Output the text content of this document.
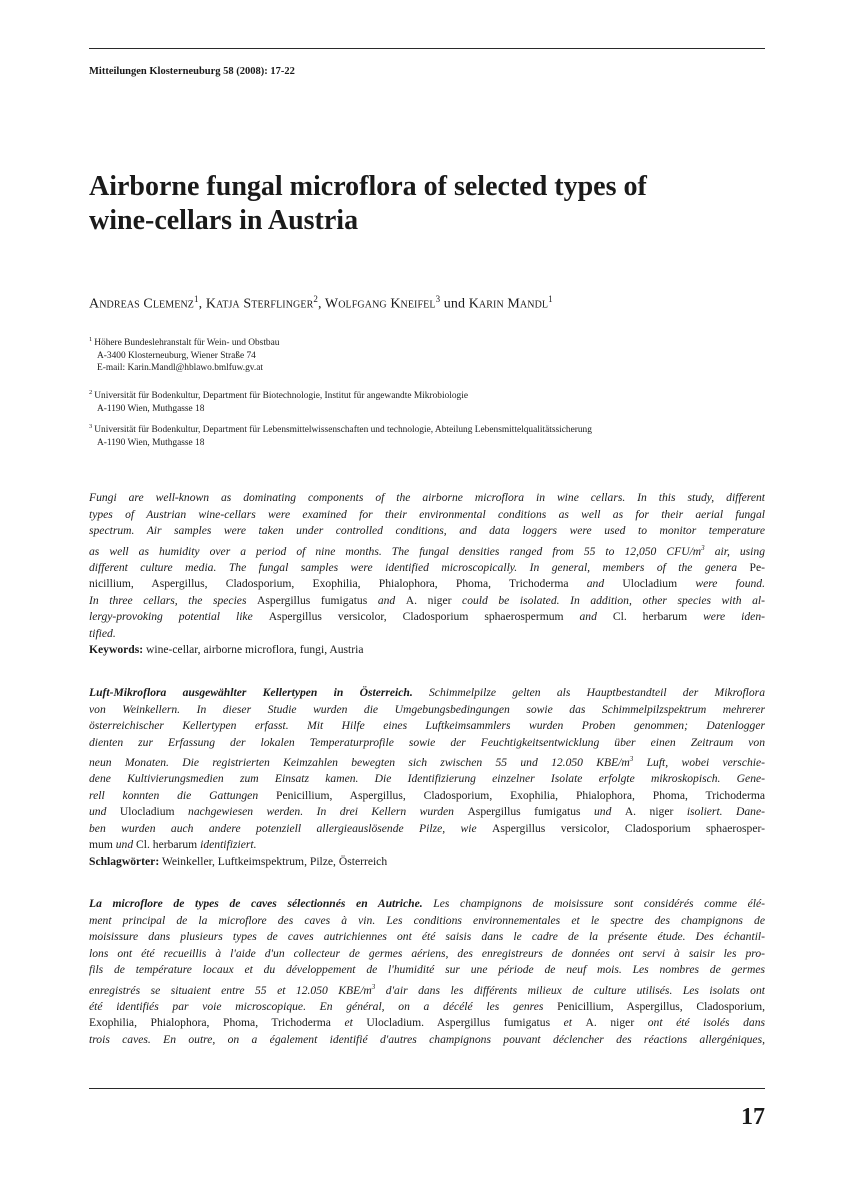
Mitteilungen Klosterneuburg 58 (2008): 17-22
Airborne fungal microflora of selected types of
wine-cellars in Austria
Andreas Clemenz$^1$, Katja Sterflinger$^2$, Wolfgang Kneifel$^3$ und Karin Mandl$^1$
$^1$ Höhere Bundeslehranstalt für Wein- und Obstbau
A-3400 Klosterneuburg, Wiener Straße 74
E-mail: Karin.Mandl@hblawo.bmlfuw.gv.at
$^2$ Universität für Bodenkultur, Department für Biotechnologie, Institut für angewandte Mikrobiologie
A-1190 Wien, Muthgasse 18
$^3$ Universität für Bodenkultur, Department für Lebensmittelwissenschaften und technologie, Abteilung Lebensmittelqualitätssicherung
A-1190 Wien, Muthgasse 18
Fungi are well-known as dominating components of the airborne microflora in wine cellars. In this study, different
types of Austrian wine-cellars were examined for their environmental conditions as well as for their aerial fungal
spectrum. Air samples were taken under controlled conditions, and data loggers were used to monitor temperature
as well as humidity over a period of nine months. The fungal densities ranged from 55 to 12,050 CFU/$m^3$ air, using
different culture media. The fungal samples were identified microscopically. In general, members of the genera Pe-
nicillium, Aspergillus, Cladosporium, Exophilia, Phialophora, Phoma, Trichoderma and Ulocladium were found.
In three cellars, the species Aspergillus fumigatus and A. niger could be isolated. In addition, other species with al-
lergy-provoking potential like Aspergillus versicolor, Cladosporium sphaerospermum and Cl. herbarum were iden-
tified.
Keywords: wine-cellar, airborne microflora, fungi, Austria
Luft-Mikroflora ausgewählter Kellertypen in Österreich. Schimmelpilze gelten als Hauptbestandteil der Mikroflora
von Weinkellern. In dieser Studie wurden die Umgebungsbedingungen sowie das Schimmelpilzspektrum mehrerer
österreichischer Kellertypen erfasst. Mit Hilfe eines Luftkeimsammlers wurden Proben genommen; Datenlogger
dienten zur Erfassung der lokalen Temperaturprofile sowie der Feuchtigkeitsentwicklung über einen Zeitraum von
neun Monaten. Die registrierten Keimzahlen bewegten sich zwischen 55 und 12.050 KBE/$m^3$ Luft, wobei verschie-
dene Kultivierungsmedien zum Einsatz kamen. Die Identifizierung einzelner Isolate erfolgte mikroskopisch. Gene-
rell konnten die Gattungen Penicillium, Aspergillus, Cladosporium, Exophilia, Phialophora, Phoma, Trichoderma
und Ulocladium nachgewiesen werden. In drei Kellern wurden Aspergillus fumigatus und A. niger isoliert. Dane-
ben wurden auch andere potenziell allergieauslösende Pilze, wie Aspergillus versicolor, Cladosporium sphaerosper-
mum und Cl. herbarum identifiziert.
Schlagwörter: Weinkeller, Luftkeimspektrum, Pilze, Österreich
La microflore de types de caves sélectionnés en Autriche. Les champignons de moisissure sont considérés comme élé-
ment principal de la microflore des caves à vin. Les conditions environnementales et le spectre des champignons de
moisissure dans plusieurs types de caves autrichiennes ont été saisis dans le cadre de la présente étude. Des échantil-
lons ont été recueillis à l'aide d'un collecteur de germes aériens, des enregistreurs de données ont servi à saisir les pro-
fils de température locaux et du développement de l'humidité sur une période de neuf mois. Les nombres de germes
enregistrés se situaient entre 55 et 12.050 KBE/$m^3$ d'air dans les différents milieux de culture utilisés. Les isolats ont
été identifiés par voie microscopique. En général, on a décélé les genres Penicillium, Aspergillus, Cladosporium,
Exophilia, Phialophora, Phoma, Trichoderma et Ulocladium. Aspergillus fumigatus et A. niger ont été isolés dans
trois caves. En outre, on a également identifié d'autres champignons pouvant déclencher des réactions allergéniques,
17
